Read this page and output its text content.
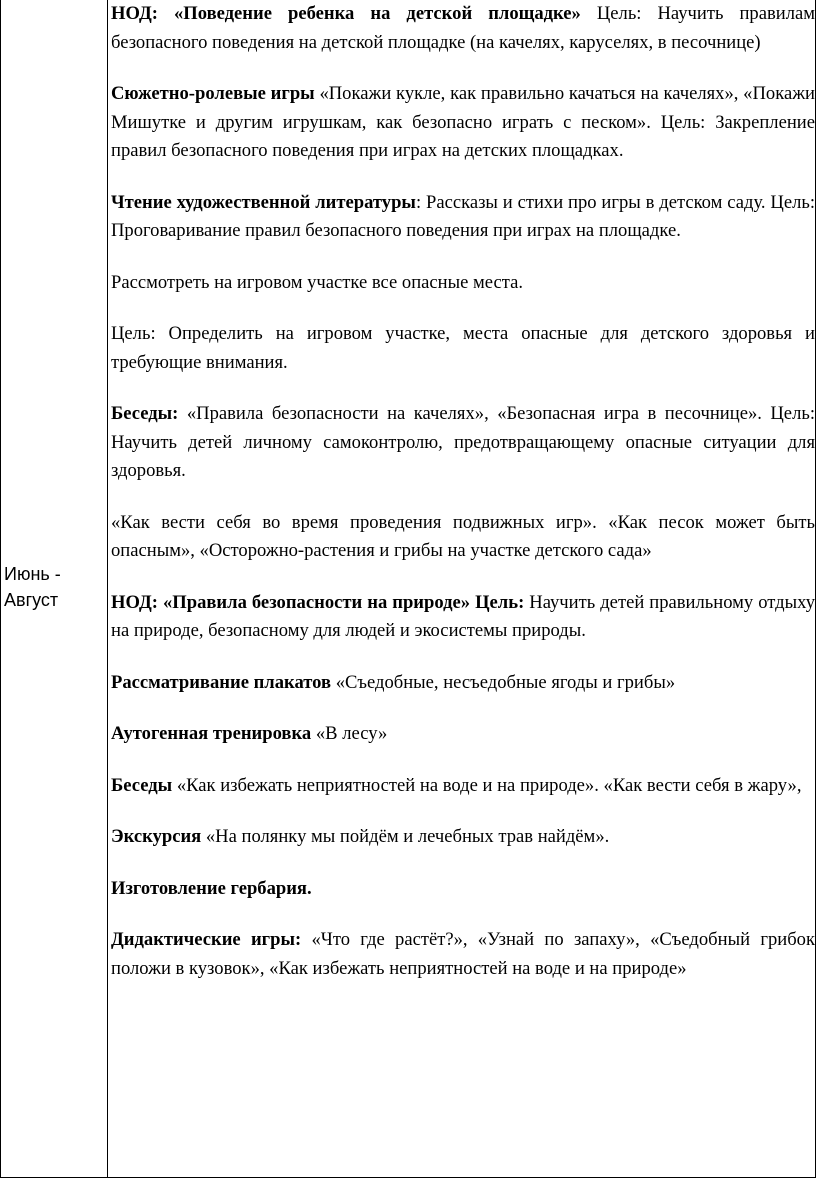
Июнь - Август

НОД: «Поведение ребенка на детской площадке» Цель: Научить правилам безопасного поведения на детской площадке (на качелях, каруселях, в песочнице)

Сюжетно-ролевые игры «Покажи кукле, как правильно качаться на качелях», «Покажи Мишутке и другим игрушкам, как безопасно играть с песком». Цель: Закрепление правил безопасного поведения при играх на детских площадках.

Чтение художественной литературы: Рассказы и стихи про игры в детском саду. Цель: Проговаривание правил безопасного поведения при играх на площадке.

Рассмотреть на игровом участке все опасные места.

Цель: Определить на игровом участке, места опасные для детского здоровья и требующие внимания.

Беседы: «Правила безопасности на качелях», «Безопасная игра в песочнице». Цель: Научить детей личному самоконтролю, предотвращающему опасные ситуации для здоровья.

«Как вести себя во время проведения подвижных игр». «Как песок может быть опасным», «Осторожно-растения и грибы на участке детского сада»

НОД: «Правила безопасности на природе» Цель: Научить детей правильному отдыху на природе, безопасному для людей и экосистемы природы.

Рассматривание плакатов «Съедобные, несъедобные ягоды и грибы»

Аутогенная тренировка «В лесу»

Беседы «Как избежать неприятностей на воде и на природе». «Как вести себя в жару»,

Экскурсия «На полянку мы пойдём и лечебных трав найдём».

Изготовление гербария.

Дидактические игры: «Что где растёт?», «Узнай по запаху», «Съедобный грибок положи в кузовок», «Как избежать неприятностей на воде и на природе»
